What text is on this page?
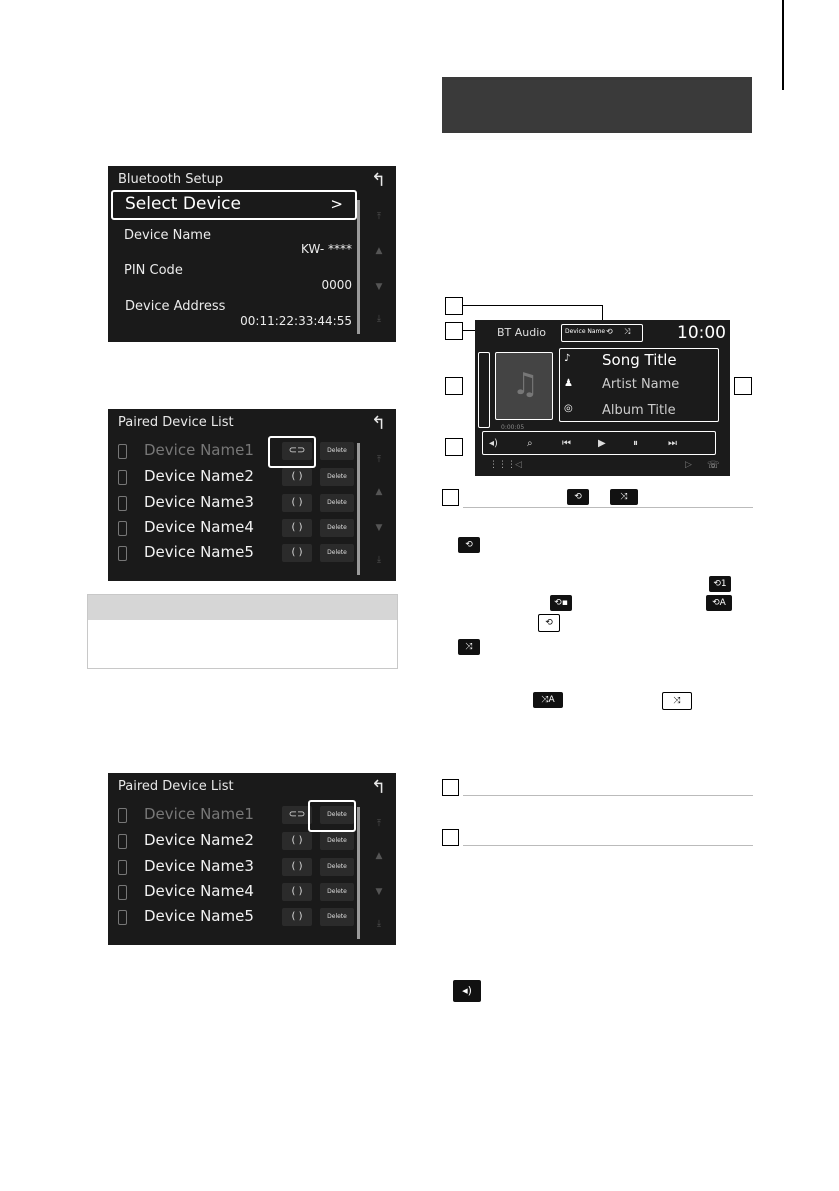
Bluetooth Setup	↰
Select Device	>
Device Name
KW- ****
PIN Code
0000
Device Address
00:11:22:33:44:55
⤒
▲
▼
⤓
Paired Device List	↰
Device Name1	⊂⊃	Delete
Device Name2	( )	Delete
Device Name3	( )	Delete
Device Name4	( )	Delete
Device Name5	( )	Delete
⤒
▲
▼
⤓
Paired Device List	↰
Device Name1	⊂⊃	Delete
Device Name2	( )	Delete
Device Name3	( )	Delete
Device Name4	( )	Delete
Device Name5	( )	Delete
⤒
▲
▼
⤓
BT Audio	Device Name ⟲ ⤨	10:00
♫
♪ Song Title
♟ Artist Name
◎ Album Title
0:00:05
◂)	⌕	⏮	▶	⏸	⏭
⋮⋮⋮ ◁	▷ ☏
⟲	⤨
⟲
⟲1
⟲▪	⟲A
⟲
⤨
⤨A	⤨
◂)
